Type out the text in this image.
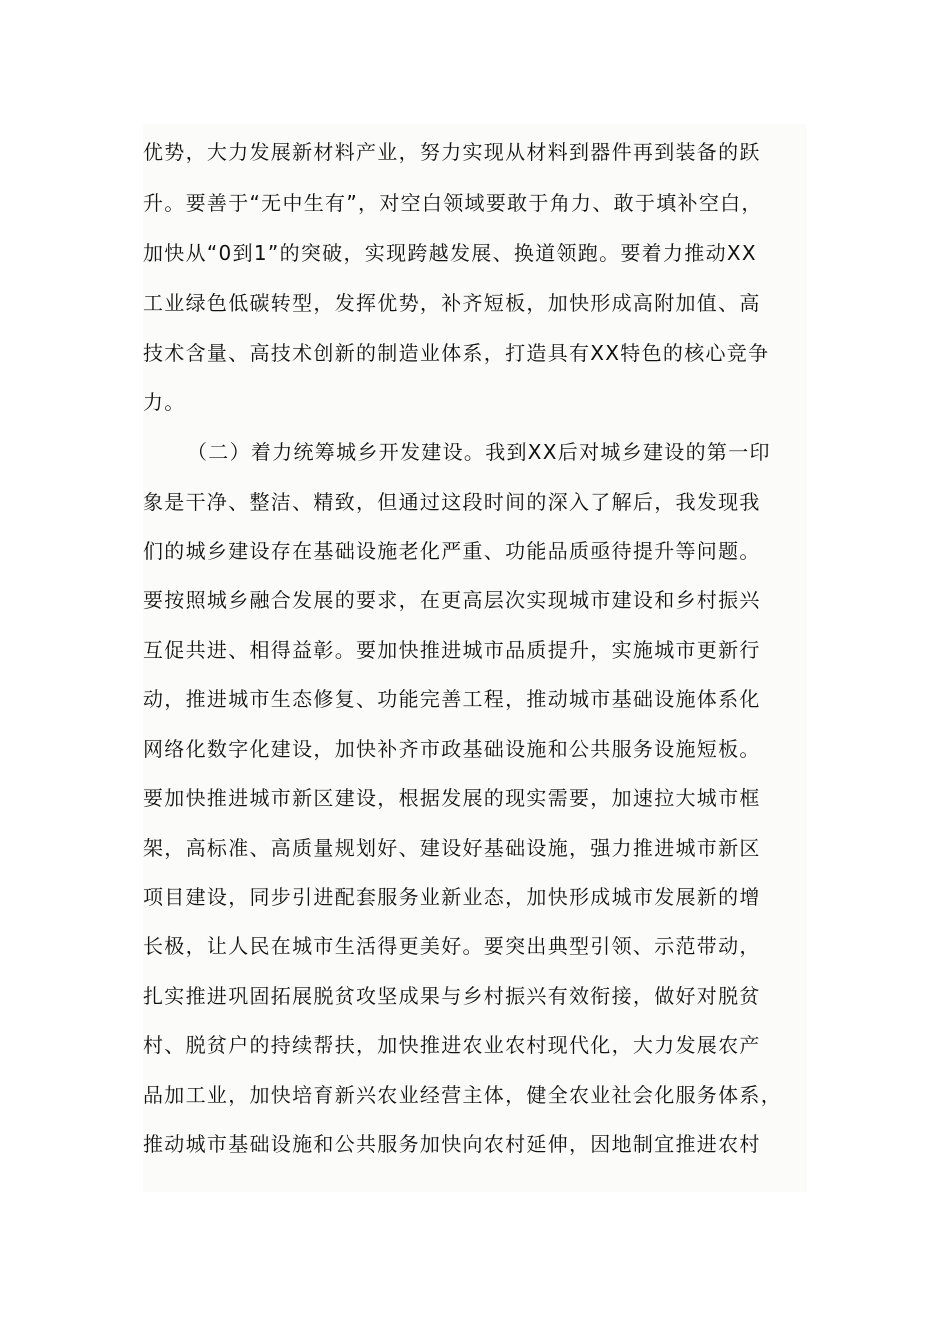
优势，大力发展新材料产业，努力实现从材料到器件再到装备的跃
升。要善于“无中生有”，对空白领域要敢于角力、敢于填补空白，
加快从“0到1”的突破，实现跨越发展、换道领跑。要着力推动XX
工业绿色低碳转型，发挥优势，补齐短板，加快形成高附加值、高
技术含量、高技术创新的制造业体系，打造具有XX特色的核心竞争
力。
（二）着力统筹城乡开发建设。我到XX后对城乡建设的第一印
象是干净、整洁、精致，但通过这段时间的深入了解后，我发现我
们的城乡建设存在基础设施老化严重、功能品质亟待提升等问题。
要按照城乡融合发展的要求，在更高层次实现城市建设和乡村振兴
互促共进、相得益彰。要加快推进城市品质提升，实施城市更新行
动，推进城市生态修复、功能完善工程，推动城市基础设施体系化
网络化数字化建设，加快补齐市政基础设施和公共服务设施短板。
要加快推进城市新区建设，根据发展的现实需要，加速拉大城市框
架，高标准、高质量规划好、建设好基础设施，强力推进城市新区
项目建设，同步引进配套服务业新业态，加快形成城市发展新的增
长极，让人民在城市生活得更美好。要突出典型引领、示范带动，
扎实推进巩固拓展脱贫攻坚成果与乡村振兴有效衔接，做好对脱贫
村、脱贫户的持续帮扶，加快推进农业农村现代化，大力发展农产
品加工业，加快培育新兴农业经营主体，健全农业社会化服务体系，
推动城市基础设施和公共服务加快向农村延伸，因地制宜推进农村
